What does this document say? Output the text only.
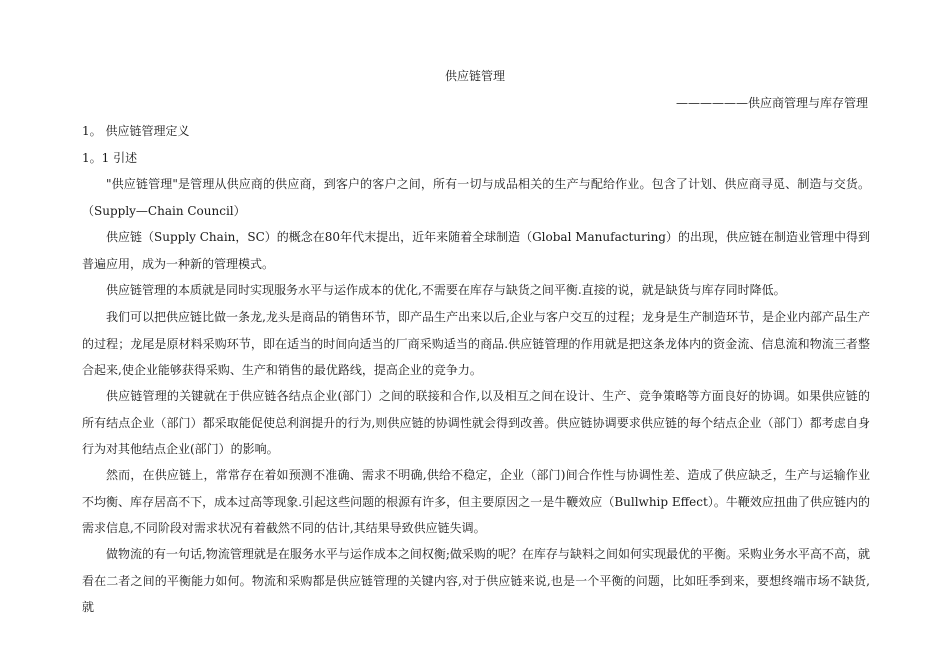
供应链管理
——————供应商管理与库存管理
1。 供应链管理定义
1。1 引述

"供应链管理"是管理从供应商的供应商，到客户的客户之间，所有一切与成品相关的生产与配给作业。包含了计划、供应商寻觅、制造与交货。（Supply—Chain Council）

供应链（Supply Chain，SC）的概念在80年代末提出，近年来随着全球制造（Global Manufacturing）的出现，供应链在制造业管理中得到普遍应用，成为一种新的管理模式。

供应链管理的本质就是同时实现服务水平与运作成本的优化,不需要在库存与缺货之间平衡.直接的说，就是缺货与库存同时降低。

我们可以把供应链比做一条龙,龙头是商品的销售环节，即产品生产出来以后,企业与客户交互的过程；龙身是生产制造环节，是企业内部产品生产的过程；龙尾是原材料采购环节，即在适当的时间向适当的厂商采购适当的商品.供应链管理的作用就是把这条龙体内的资金流、信息流和物流三者整合起来,使企业能够获得采购、生产和销售的最优路线，提高企业的竞争力。

供应链管理的关键就在于供应链各结点企业(部门）之间的联接和合作,以及相互之间在设计、生产、竞争策略等方面良好的协调。如果供应链的所有结点企业（部门）都采取能促使总利润提升的行为,则供应链的协调性就会得到改善。供应链协调要求供应链的每个结点企业（部门）都考虑自身行为对其他结点企业(部门）的影响。

然而，在供应链上，常常存在着如预测不准确、需求不明确,供给不稳定，企业（部门)间合作性与协调性差、造成了供应缺乏，生产与运输作业不均衡、库存居高不下，成本过高等现象.引起这些问题的根源有许多，但主要原因之一是牛鞭效应（Bullwhip Effect）。牛鞭效应扭曲了供应链内的需求信息,不同阶段对需求状况有着截然不同的估计,其结果导致供应链失调。

做物流的有一句话,物流管理就是在服务水平与运作成本之间权衡;做采购的呢？在库存与缺料之间如何实现最优的平衡。采购业务水平高不高，就看在二者之间的平衡能力如何。物流和采购都是供应链管理的关键内容,对于供应链来说,也是一个平衡的问题，比如旺季到来，要想终端市场不缺货,就
